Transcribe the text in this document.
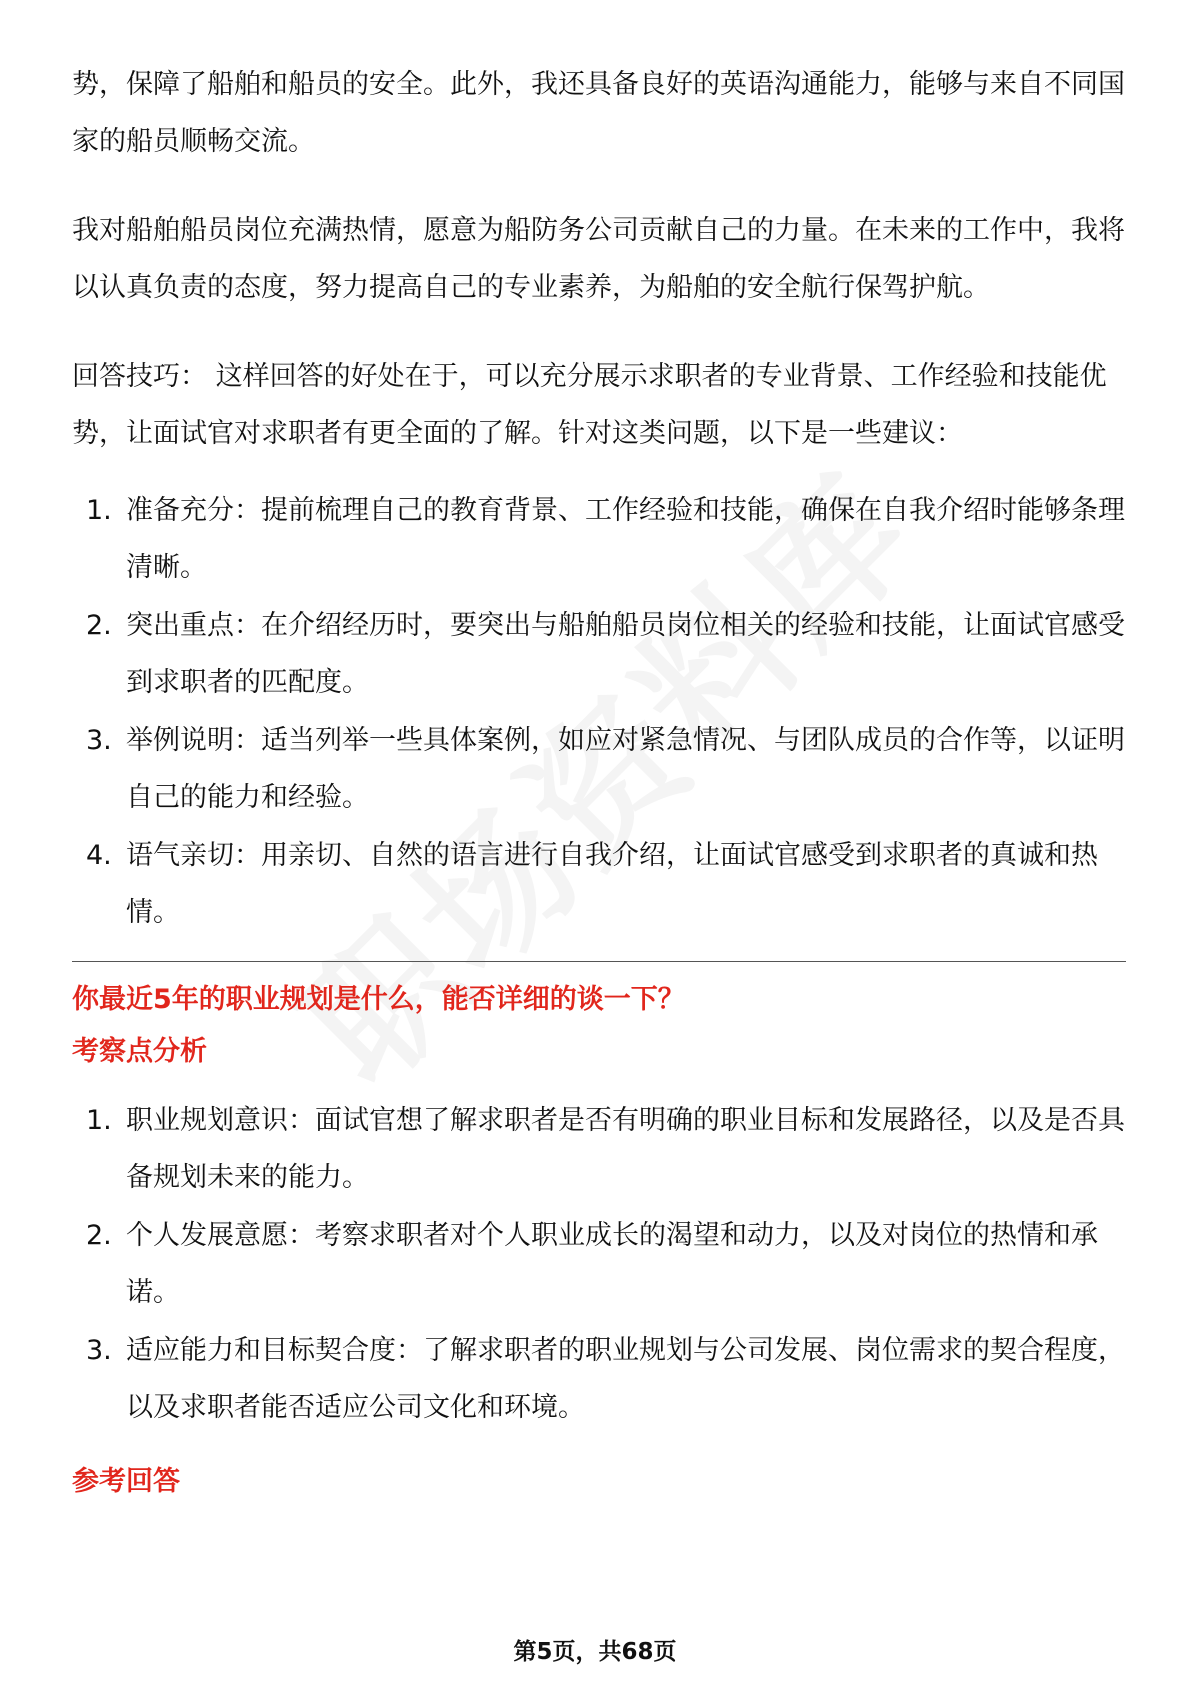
势，保障了船舶和船员的安全。此外，我还具备良好的英语沟通能力，能够与来自不同国家的船员顺畅交流。

我对船舶船员岗位充满热情，愿意为船防务公司贡献自己的力量。在未来的工作中，我将以认真负责的态度，努力提高自己的专业素养，为船舶的安全航行保驾护航。

回答技巧： 这样回答的好处在于，可以充分展示求职者的专业背景、工作经验和技能优势，让面试官对求职者有更全面的了解。针对这类问题，以下是一些建议：

1. 准备充分：提前梳理自己的教育背景、工作经验和技能，确保在自我介绍时能够条理清晰。
2. 突出重点：在介绍经历时，要突出与船舶船员岗位相关的经验和技能，让面试官感受到求职者的匹配度。
3. 举例说明：适当列举一些具体案例，如应对紧急情况、与团队成员的合作等，以证明自己的能力和经验。
4. 语气亲切：用亲切、自然的语言进行自我介绍，让面试官感受到求职者的真诚和热情。

你最近5年的职业规划是什么，能否详细的谈一下？

考察点分析

1. 职业规划意识：面试官想了解求职者是否有明确的职业目标和发展路径，以及是否具备规划未来的能力。
2. 个人发展意愿：考察求职者对个人职业成长的渴望和动力，以及对岗位的热情和承诺。
3. 适应能力和目标契合度：了解求职者的职业规划与公司发展、岗位需求的契合程度，以及求职者能否适应公司文化和环境。

参考回答

第5页，共68页
